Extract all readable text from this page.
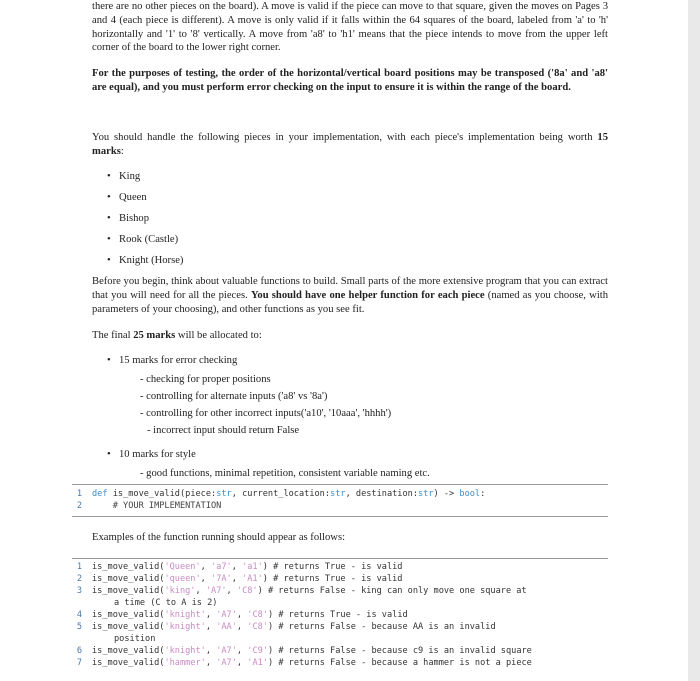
there are no other pieces on the board). A move is valid if the piece can move to that square, given the moves on Pages 3 and 4 (each piece is different). A move is only valid if it falls within the 64 squares of the board, labeled from 'a' to 'h' horizontally and '1' to '8' vertically. A move from 'a8' to 'h1' means that the piece intends to move from the upper left corner of the board to the lower right corner.

For the purposes of testing, the order of the horizontal/vertical board positions may be transposed ('8a' and 'a8' are equal), and you must perform error checking on the input to ensure it is within the range of the board.

You should handle the following pieces in your implementation, with each piece's implementation being worth 15 marks:

• King
• Queen
• Bishop
• Rook (Castle)
• Knight (Horse)

Before you begin, think about valuable functions to build. Small parts of the more extensive program that you can extract that you will need for all the pieces. You should have one helper function for each piece (named as you choose, with parameters of your choosing), and other functions as you see fit.

The final 25 marks will be allocated to:

• 15 marks for error checking
- checking for proper positions
- controlling for alternate inputs ('a8' vs '8a')
- controlling for other incorrect inputs('a10', '10aaa', 'hhhh')
- incorrect input should return False
• 10 marks for style
- good functions, minimal repetition, consistent variable naming etc.
1 def is_move_valid(piece:str, current_location:str, destination:str) -> bool:
2 # YOUR IMPLEMENTATION
Examples of the function running should appear as follows:
1 is_move_valid('Queen', 'a7', 'a1') # returns True - is valid
2 is_move_valid('queen', '7A', 'A1') # returns True - is valid
3 is_move_valid('king', 'A7', 'C8') # returns False - king can only move one square at
a time (C to A is 2)
4 is_move_valid('knight', 'A7', 'C8') # returns True - is valid
5 is_move_valid('knight', 'AA', 'C8') # returns False - because AA is an invalid
position
6 is_move_valid('knight', 'A7', 'C9') # returns False - because c9 is an invalid square
7 is_move_valid('hammer', 'A7', 'A1') # returns False - because a hammer is not a piece
